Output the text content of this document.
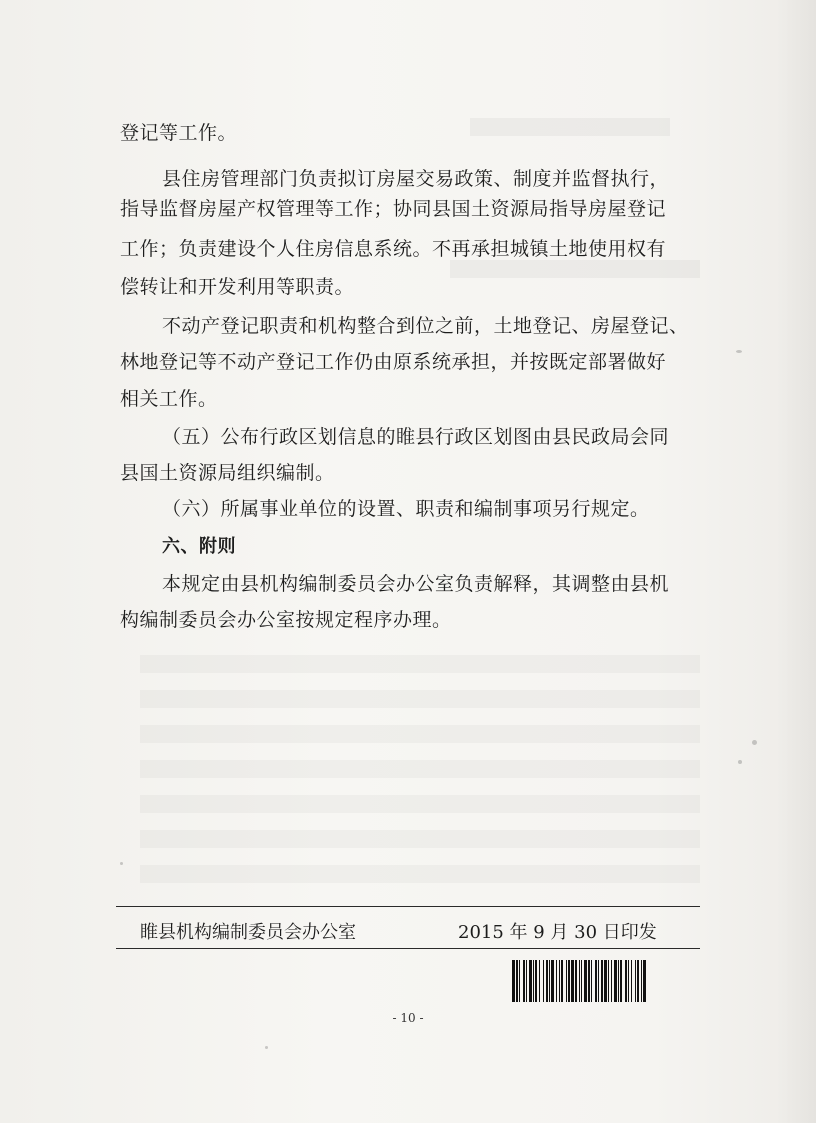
登记等工作。
县住房管理部门负责拟订房屋交易政策、制度并监督执行，
指导监督房屋产权管理等工作；协同县国土资源局指导房屋登记
工作；负责建设个人住房信息系统。不再承担城镇土地使用权有
偿转让和开发利用等职责。
不动产登记职责和机构整合到位之前，土地登记、房屋登记、
林地登记等不动产登记工作仍由原系统承担，并按既定部署做好
相关工作。
（五）公布行政区划信息的睢县行政区划图由县民政局会同
县国土资源局组织编制。
（六）所属事业单位的设置、职责和编制事项另行规定。
六、附则
本规定由县机构编制委员会办公室负责解释，其调整由县机
构编制委员会办公室按规定程序办理。
睢县机构编制委员会办公室	2015 年 9 月 30 日印发
- 10 -
